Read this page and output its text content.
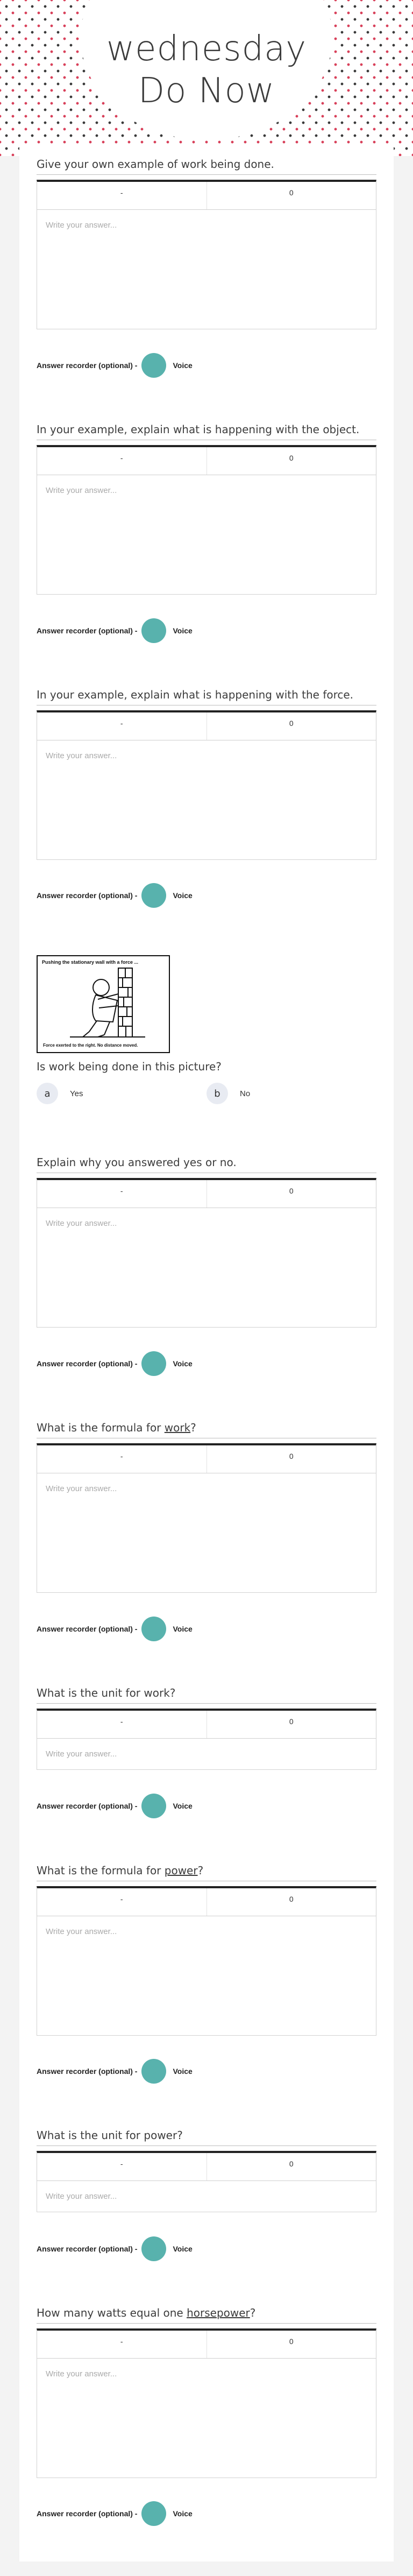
wednesday
Do Now
Give your own example of work being done.
-	0
Write your answer...
Answer recorder (optional) -	Voice
In your example, explain what is happening with the object.
-	0
Write your answer...
Answer recorder (optional) -	Voice
In your example, explain what is happening with the force.
-	0
Write your answer...
Answer recorder (optional) -	Voice
Pushing the stationary wall with a force ...
Force exerted to the right. No distance moved.
Is work being done in this picture?
a	Yes	b	No
Explain why you answered yes or no.
-	0
Write your answer...
Answer recorder (optional) -	Voice
What is the formula for work?
-	0
Write your answer...
Answer recorder (optional) -	Voice
What is the unit for work?
-	0
Write your answer...
Answer recorder (optional) -	Voice
What is the formula for power?
-	0
Write your answer...
Answer recorder (optional) -	Voice
What is the unit for power?
-	0
Write your answer...
Answer recorder (optional) -	Voice
How many watts equal one horsepower?
-	0
Write your answer...
Answer recorder (optional) -	Voice
